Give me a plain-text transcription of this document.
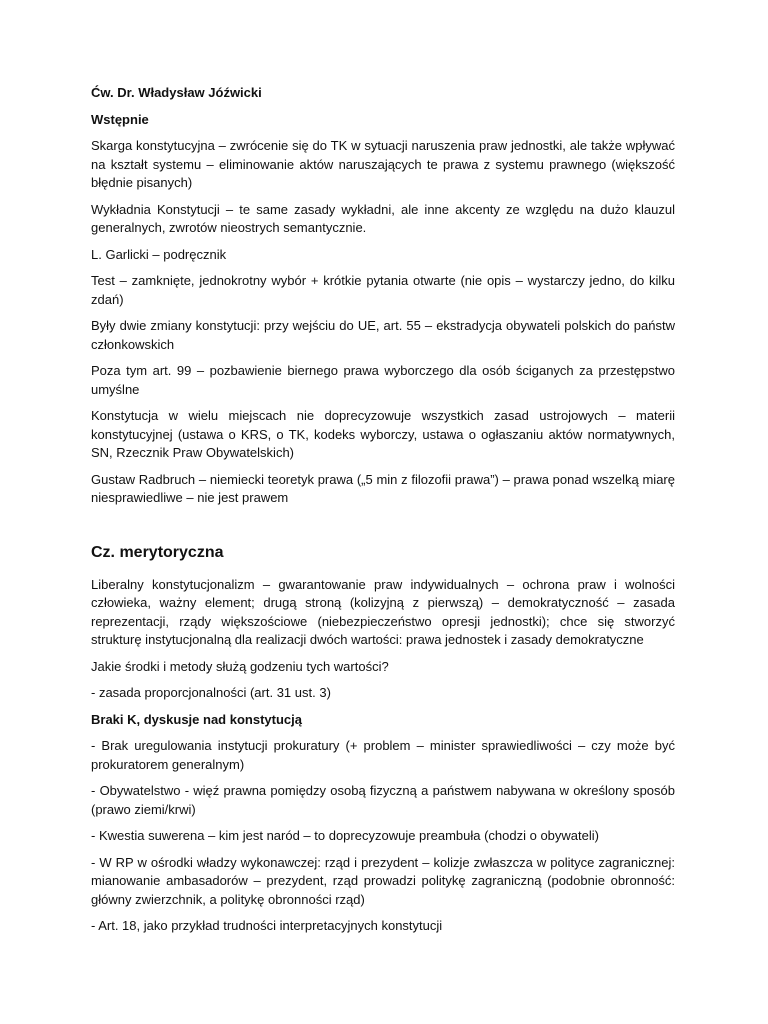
Ćw. Dr. Władysław Jóźwicki

Wstępnie

Skarga konstytucyjna – zwrócenie się do TK w sytuacji naruszenia praw jednostki, ale także wpływać na kształt systemu – eliminowanie aktów naruszających te prawa z systemu prawnego (większość błędnie pisanych)

Wykładnia Konstytucji – te same zasady wykładni, ale inne akcenty ze względu na dużo klauzul generalnych, zwrotów nieostrych semantycznie.

L. Garlicki – podręcznik

Test – zamknięte, jednokrotny wybór + krótkie pytania otwarte (nie opis – wystarczy jedno, do kilku zdań)

Były dwie zmiany konstytucji: przy wejściu do UE, art. 55 – ekstradycja obywateli polskich do państw członkowskich

Poza tym art. 99 – pozbawienie biernego prawa wyborczego dla osób ściganych za przestępstwo umyślne

Konstytucja w wielu miejscach nie doprecyzowuje wszystkich zasad ustrojowych – materii konstytucyjnej (ustawa o KRS, o TK, kodeks wyborczy, ustawa o ogłaszaniu aktów normatywnych, SN, Rzecznik Praw Obywatelskich)

Gustaw Radbruch – niemiecki teoretyk prawa („5 min z filozofii prawa”) – prawa ponad wszelką miarę niesprawiedliwe – nie jest prawem

Cz. merytoryczna

Liberalny konstytucjonalizm – gwarantowanie praw indywidualnych – ochrona praw i wolności człowieka, ważny element; drugą stroną (kolizyjną z pierwszą) – demokratyczność – zasada reprezentacji, rządy większościowe (niebezpieczeństwo opresji jednostki); chce się stworzyć strukturę instytucjonalną dla realizacji dwóch wartości: prawa jednostek i zasady demokratyczne

Jakie środki i metody służą godzeniu tych wartości?

- zasada proporcjonalności (art. 31 ust. 3)

Braki K, dyskusje nad konstytucją

- Brak uregulowania instytucji prokuratury (+ problem – minister sprawiedliwości – czy może być prokuratorem generalnym)

- Obywatelstwo - więź prawna pomiędzy osobą fizyczną a państwem nabywana w określony sposób (prawo ziemi/krwi)

- Kwestia suwerena – kim jest naród – to doprecyzowuje preambuła (chodzi o obywateli)

- W RP w ośrodki władzy wykonawczej: rząd i prezydent – kolizje zwłaszcza w polityce zagranicznej: mianowanie ambasadorów – prezydent, rząd prowadzi politykę zagraniczną (podobnie obronność: główny zwierzchnik, a politykę obronności rząd)

- Art. 18, jako przykład trudności interpretacyjnych konstytucji
